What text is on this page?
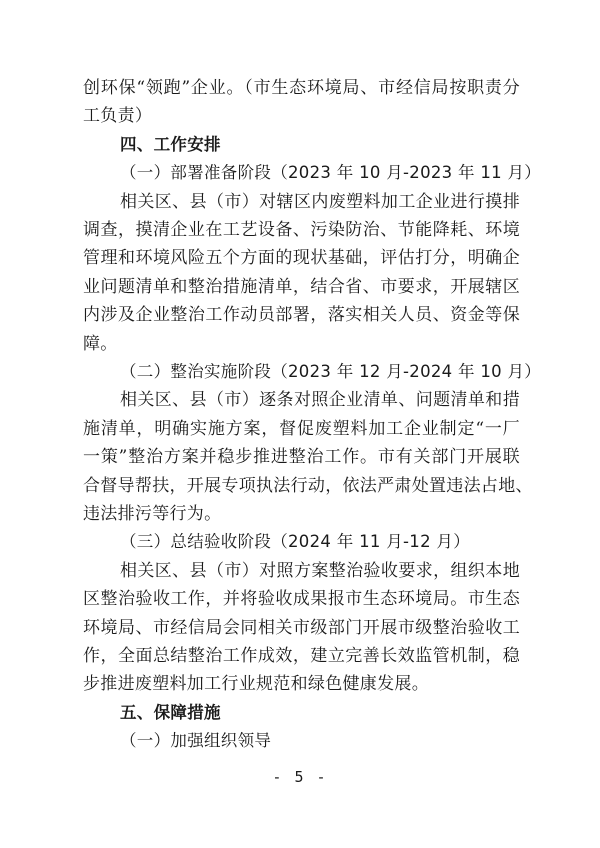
创环保“领跑”企业。（市生态环境局、市经信局按职责分
工负责）
四、工作安排
（一）部署准备阶段（2023 年 10 月-2023 年 11 月）
相关区、县（市）对辖区内废塑料加工企业进行摸排
调查，摸清企业在工艺设备、污染防治、节能降耗、环境
管理和环境风险五个方面的现状基础，评估打分，明确企
业问题清单和整治措施清单，结合省、市要求，开展辖区
内涉及企业整治工作动员部署，落实相关人员、资金等保
障。
（二）整治实施阶段（2023 年 12 月-2024 年 10 月）
相关区、县（市）逐条对照企业清单、问题清单和措
施清单，明确实施方案，督促废塑料加工企业制定“一厂
一策”整治方案并稳步推进整治工作。市有关部门开展联
合督导帮扶，开展专项执法行动，依法严肃处置违法占地、
违法排污等行为。
（三）总结验收阶段（2024 年 11 月-12 月）
相关区、县（市）对照方案整治验收要求，组织本地
区整治验收工作，并将验收成果报市生态环境局。市生态
环境局、市经信局会同相关市级部门开展市级整治验收工
作，全面总结整治工作成效，建立完善长效监管机制，稳
步推进废塑料加工行业规范和绿色健康发展。
五、保障措施
（一）加强组织领导
- 5 -
